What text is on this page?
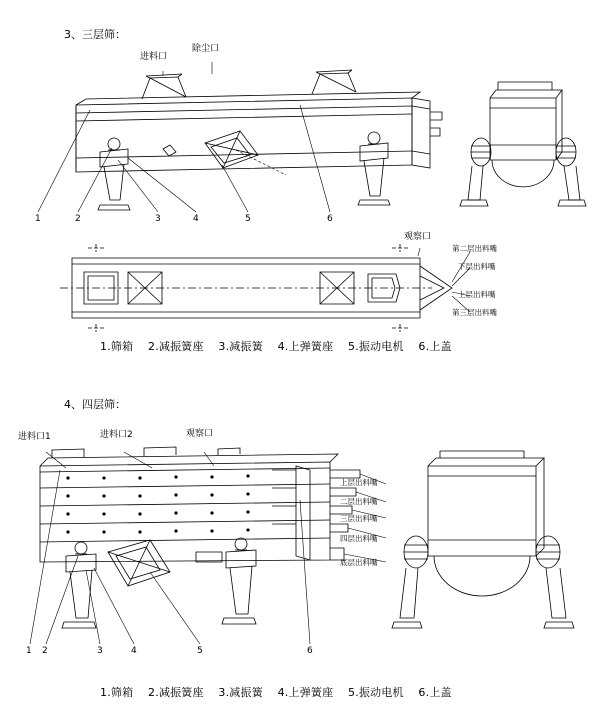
3、三层筛：
进料口
除尘口
观察口
第二层出料嘴
下层出料嘴
上层出料嘴
第三层出料嘴
1	2	3	4	5	6
1.筛箱 2.减振簧座 3.减振簧 4.上弹簧座 5.振动电机 6.上盖
4、四层筛：
进料口1	进料口2	观察口
上层出料嘴
二层出料嘴
三层出料嘴
四层出料嘴
底层出料嘴
1 2	3	4	5	6
1.筛箱 2.减振簧座 3.减振簧 4.上弹簧座 5.振动电机 6.上盖
